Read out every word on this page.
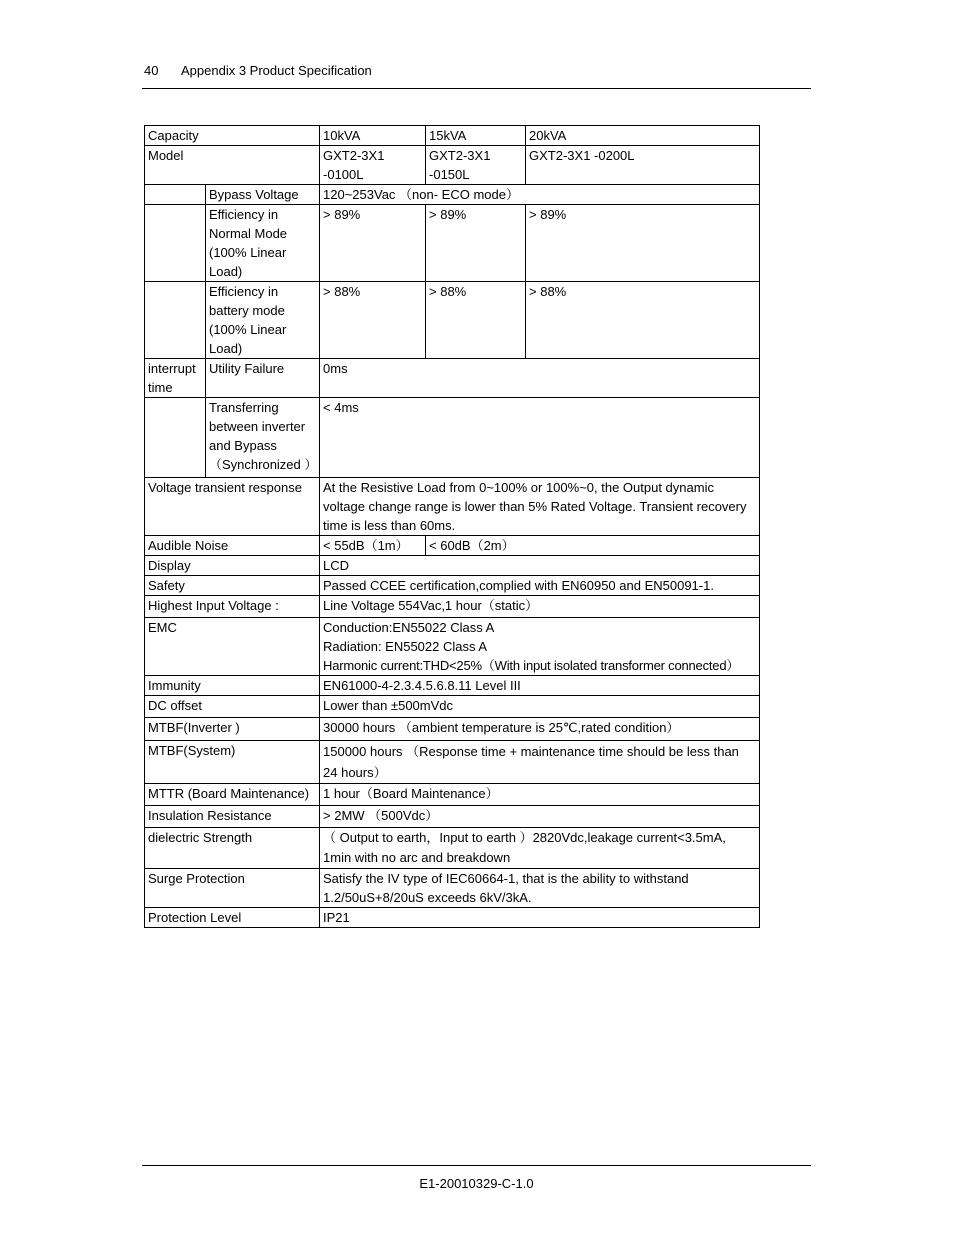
40 Appendix 3 Product Specification
Capacity		10kVA	15kVA	20kVA
Model		GXT2-3X1 -0100L	GXT2-3X1 -0150L	GXT2-3X1 -0200L
	Bypass Voltage	120~253Vac （non- ECO mode）		
	Efficiency in Normal Mode (100% Linear Load)	> 89%	> 89%	> 89%
	Efficiency in battery mode (100% Linear Load)	> 88%	> 88%	> 88%
interrupt time	Utility Failure	0ms		
	Transferring between inverter and Bypass （Synchronized ）	< 4ms		
Voltage transient response		At the Resistive Load from 0~100% or 100%~0, the Output dynamic voltage change range is lower than 5% Rated Voltage. Transient recovery time is less than 60ms.		
Audible Noise		< 55dB（1m）	< 60dB（2m）	
Display		LCD		
Safety		Passed CCEE certification,complied with EN60950 and EN50091-1.		
Highest Input Voltage :		Line Voltage 554Vac,1 hour（static）		
EMC		Conduction:EN55022 Class A
Radiation: EN55022 Class A
Harmonic current:THD<25%（With input isolated transformer connected）		

Immunity		EN61000-4-2.3.4.5.6.8.11 Level III		
DC offset		Lower than ±500mVdc		
MTBF(Inverter )		30000 hours （ambient temperature is 25℃,rated condition）		
MTBF(System)		150000 hours （Response time + maintenance time should be less than 24 hours）		
MTTR (Board Maintenance)		1 hour（Board Maintenance）		
Insulation Resistance		> 2MW （500Vdc）		
dielectric Strength		（ Output to earth，Input to earth ）2820Vdc,leakage current<3.5mA, 1min with no arc and breakdown		
Surge Protection		Satisfy the IV type of IEC60664-1, that is the ability to withstand 1.2/50uS+8/20uS exceeds 6kV/3kA.		
Protection Level		IP21		
E1-20010329-C-1.0
